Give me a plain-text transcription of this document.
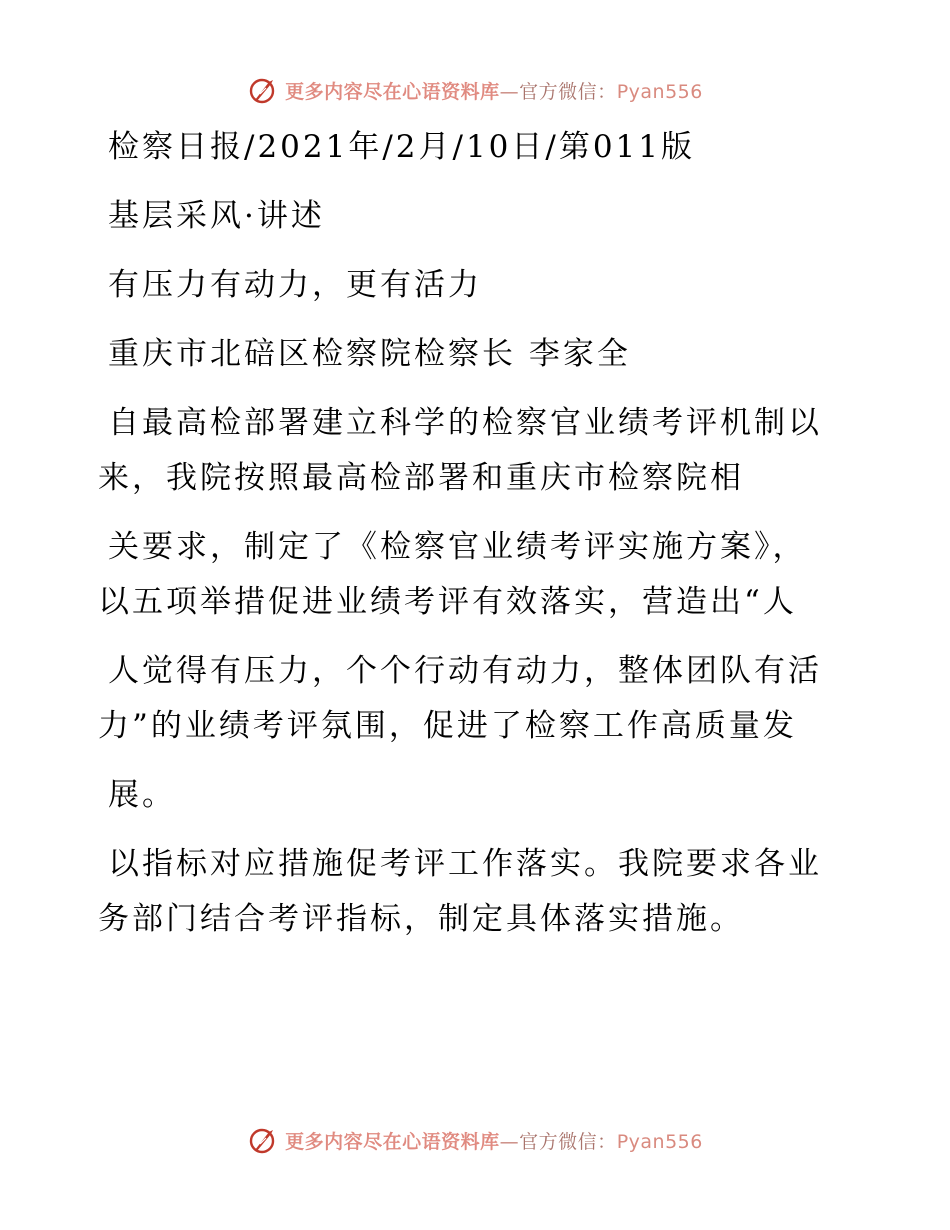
更多内容尽在心语资料库—官方微信：Pyan556
检察日报/2021年/2月/10日/第011版
基层采风·讲述
有压力有动力，更有活力
重庆市北碚区检察院检察长 李家全
自最高检部署建立科学的检察官业绩考评机制以
来，我院按照最高检部署和重庆市检察院相
关要求，制定了《检察官业绩考评实施方案》，
以五项举措促进业绩考评有效落实，营造出“人
人觉得有压力，个个行动有动力，整体团队有活
力”的业绩考评氛围，促进了检察工作高质量发
展。
以指标对应措施促考评工作落实。我院要求各业
务部门结合考评指标，制定具体落实措施。
更多内容尽在心语资料库—官方微信：Pyan556
